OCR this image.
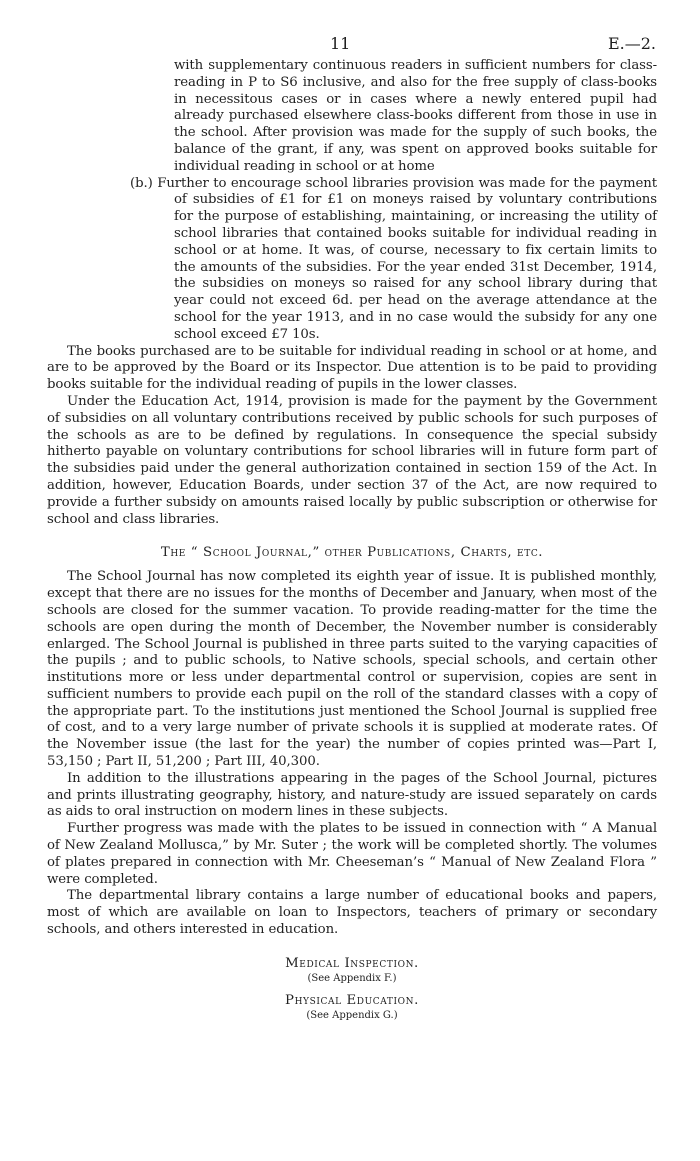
11	E.—2.

with supplementary continuous readers in sufficient numbers for class-reading in P to S6 inclusive, and also for the free supply of class-books in necessitous cases or in cases where a newly entered pupil had already purchased elsewhere class-books different from those in use in the school. After provision was made for the supply of such books, the balance of the grant, if any, was spent on approved books suitable for individual reading in school or at home

(b.) Further to encourage school libraries provision was made for the payment of subsidies of £1 for £1 on moneys raised by voluntary contributions for the purpose of establishing, maintaining, or increasing the utility of school libraries that contained books suitable for individual reading in school or at home. It was, of course, necessary to fix certain limits to the amounts of the subsidies. For the year ended 31st December, 1914, the subsidies on moneys so raised for any school library during that year could not exceed 6d. per head on the average attendance at the school for the year 1913, and in no case would the subsidy for any one school exceed £7 10s.

The books purchased are to be suitable for individual reading in school or at home, and are to be approved by the Board or its Inspector. Due attention is to be paid to providing books suitable for the individual reading of pupils in the lower classes.

Under the Education Act, 1914, provision is made for the payment by the Government of subsidies on all voluntary contributions received by public schools for such purposes of the schools as are to be defined by regulations. In consequence the special subsidy hitherto payable on voluntary contributions for school libraries will in future form part of the subsidies paid under the general authorization contained in section 159 of the Act. In addition, however, Education Boards, under section 37 of the Act, are now required to provide a further subsidy on amounts raised locally by public subscription or otherwise for school and class libraries.

The “ School Journal,” other Publications, Charts, etc.

The School Journal has now completed its eighth year of issue. It is published monthly, except that there are no issues for the months of December and January, when most of the schools are closed for the summer vacation. To provide reading-matter for the time the schools are open during the month of December, the November number is considerably enlarged. The School Journal is published in three parts suited to the varying capacities of the pupils ; and to public schools, to Native schools, special schools, and certain other institutions more or less under departmental control or supervision, copies are sent in sufficient numbers to provide each pupil on the roll of the standard classes with a copy of the appropriate part. To the institutions just mentioned the School Journal is supplied free of cost, and to a very large number of private schools it is supplied at moderate rates. Of the November issue (the last for the year) the number of copies printed was—Part I, 53,150 ; Part II, 51,200 ; Part III, 40,300.

In addition to the illustrations appearing in the pages of the School Journal, pictures and prints illustrating geography, history, and nature-study are issued separately on cards as aids to oral instruction on modern lines in these subjects.

Further progress was made with the plates to be issued in connection with “ A Manual of New Zealand Mollusca,” by Mr. Suter ; the work will be completed shortly. The volumes of plates prepared in connection with Mr. Cheeseman’s “ Manual of New Zealand Flora ” were completed.

The departmental library contains a large number of educational books and papers, most of which are available on loan to Inspectors, teachers of primary or secondary schools, and others interested in education.

Medical Inspection.

(See Appendix F.)

Physical Education.

(See Appendix G.)
